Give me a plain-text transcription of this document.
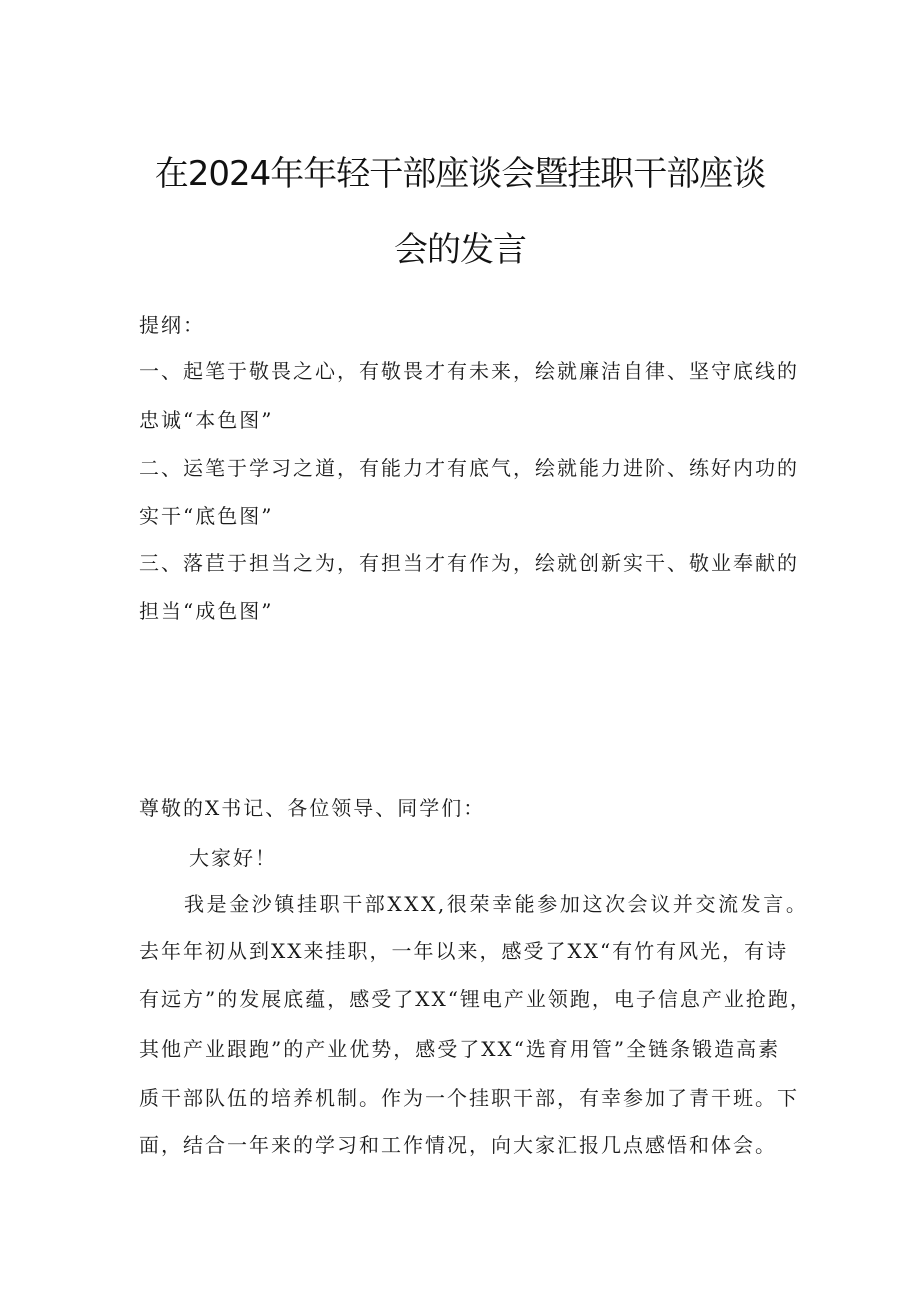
在2024年年轻干部座谈会暨挂职干部座谈
会的发言
提纲：
一、起笔于敬畏之心，有敬畏才有未来，绘就廉洁自律、坚守底线的
忠诚“本色图”
二、运笔于学习之道，有能力才有底气，绘就能力进阶、练好内功的
实干“底色图”
三、落苣于担当之为，有担当才有作为，绘就创新实干、敬业奉献的
担当“成色图”
尊敬的X书记、各位领导、同学们：
大家好！
我是金沙镇挂职干部XXX,很荣幸能参加这次会议并交流发言。
去年年初从到XX来挂职，一年以来，感受了XX“有竹有风光，有诗
有远方”的发展底蕴，感受了XX“锂电产业领跑，电子信息产业抢跑，
其他产业跟跑”的产业优势，感受了XX“选育用管”全链条锻造高素
质干部队伍的培养机制。作为一个挂职干部，有幸参加了青干班。下
面，结合一年来的学习和工作情况，向大家汇报几点感悟和体会。
